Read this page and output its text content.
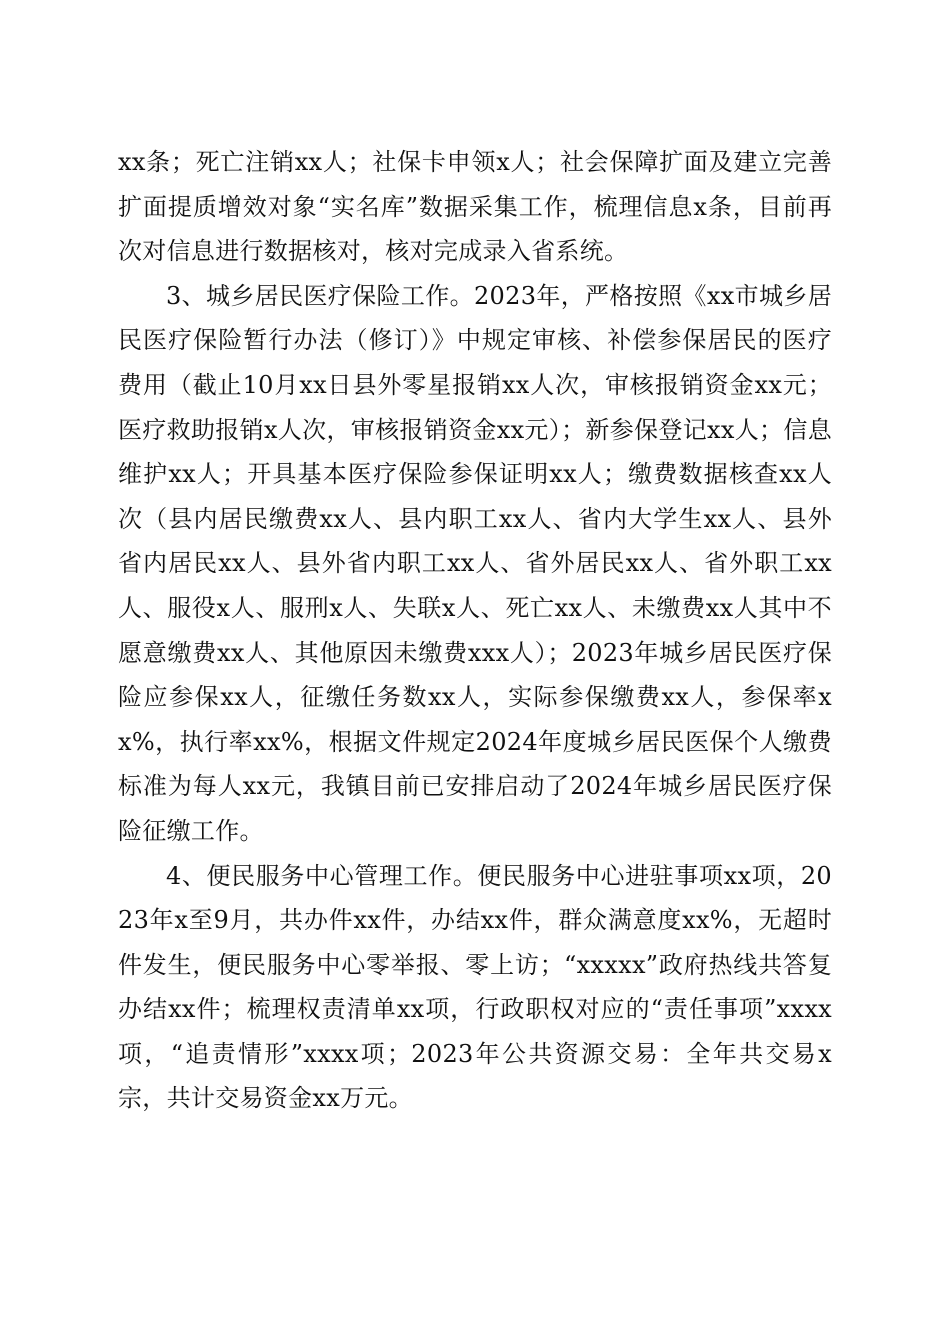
xx条；死亡注销xx人；社保卡申领x人；社会保障扩面及建立完善扩面提质增效对象“实名库”数据采集工作，梳理信息x条，目前再次对信息进行数据核对，核对完成录入省系统。

3、城乡居民医疗保险工作。2023年，严格按照《xx市城乡居民医疗保险暂行办法（修订）》中规定审核、补偿参保居民的医疗费用（截止10月xx日县外零星报销xx人次，审核报销资金xx元；医疗救助报销x人次，审核报销资金xx元）；新参保登记xx人；信息维护xx人；开具基本医疗保险参保证明xx人；缴费数据核查xx人次（县内居民缴费xx人、县内职工xx人、省内大学生xx人、县外省内居民xx人、县外省内职工xx人、省外居民xx人、省外职工xx人、服役x人、服刑x人、失联x人、死亡xx人、未缴费xx人其中不愿意缴费xx人、其他原因未缴费xxx人）；2023年城乡居民医疗保险应参保xx人，征缴任务数xx人，实际参保缴费xx人，参保率xx%，执行率xx%，根据文件规定2024年度城乡居民医保个人缴费标准为每人xx元，我镇目前已安排启动了2024年城乡居民医疗保险征缴工作。

4、便民服务中心管理工作。便民服务中心进驻事项xx项，2023年x至9月，共办件xx件，办结xx件，群众满意度xx%，无超时件发生，便民服务中心零举报、零上访；“xxxxx”政府热线共答复办结xx件；梳理权责清单xx项，行政职权对应的“责任事项”xxxx项，“追责情形”xxxx项；2023年公共资源交易：全年共交易x宗，共计交易资金xx万元。
